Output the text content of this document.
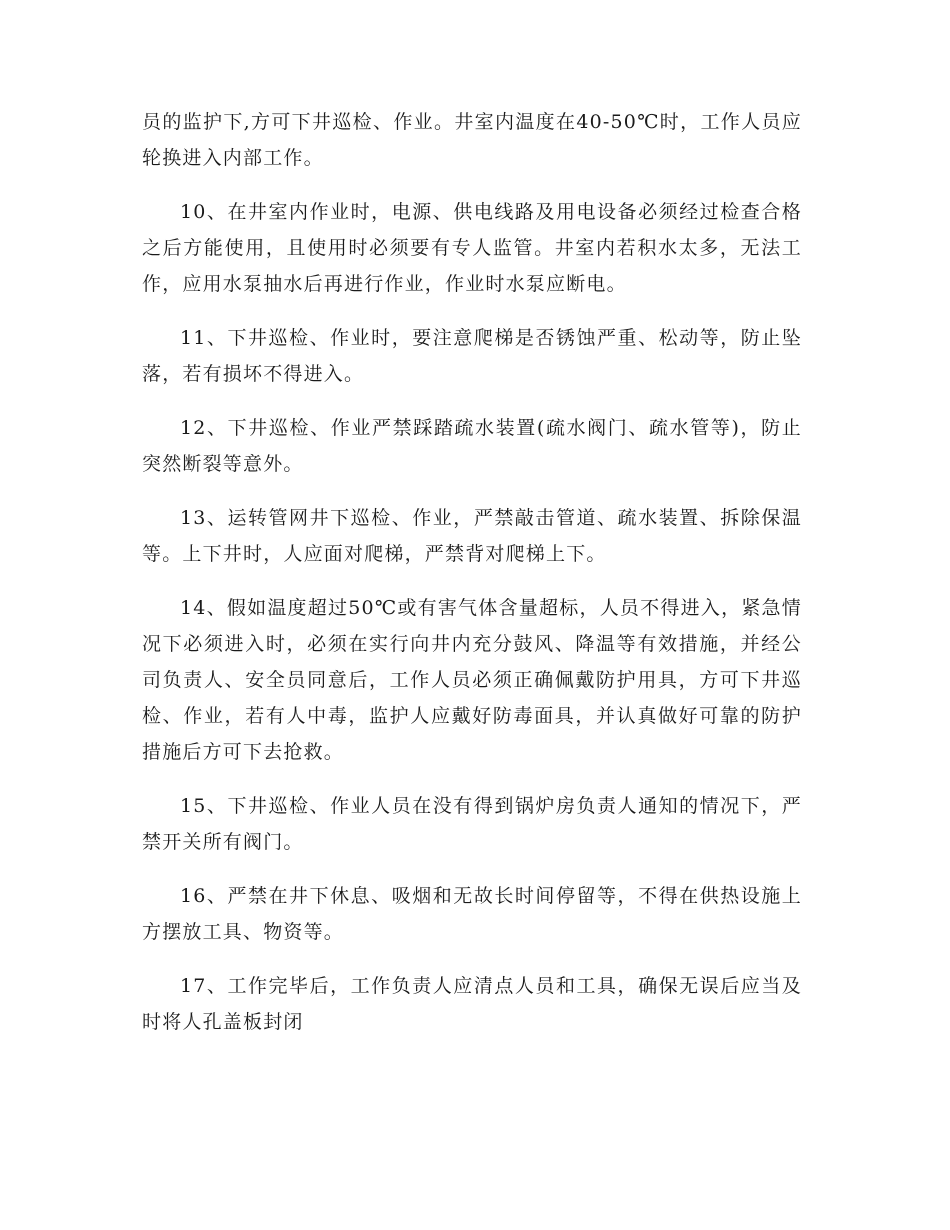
员的监护下,方可下井巡检、作业。井室内温度在40-50℃时，工作人员应轮换进入内部工作。

10、在井室内作业时，电源、供电线路及用电设备必须经过检查合格之后方能使用，且使用时必须要有专人监管。井室内若积水太多，无法工作，应用水泵抽水后再进行作业，作业时水泵应断电。

11、下井巡检、作业时，要注意爬梯是否锈蚀严重、松动等，防止坠落，若有损坏不得进入。

12、下井巡检、作业严禁踩踏疏水装置(疏水阀门、疏水管等)，防止突然断裂等意外。

13、运转管网井下巡检、作业，严禁敲击管道、疏水装置、拆除保温等。上下井时，人应面对爬梯，严禁背对爬梯上下。

14、假如温度超过50℃或有害气体含量超标，人员不得进入，紧急情况下必须进入时，必须在实行向井内充分鼓风、降温等有效措施，并经公司负责人、安全员同意后，工作人员必须正确佩戴防护用具，方可下井巡检、作业，若有人中毒，监护人应戴好防毒面具，并认真做好可靠的防护措施后方可下去抢救。

15、下井巡检、作业人员在没有得到锅炉房负责人通知的情况下，严禁开关所有阀门。

16、严禁在井下休息、吸烟和无故长时间停留等，不得在供热设施上方摆放工具、物资等。

17、工作完毕后，工作负责人应清点人员和工具，确保无误后应当及时将人孔盖板封闭
